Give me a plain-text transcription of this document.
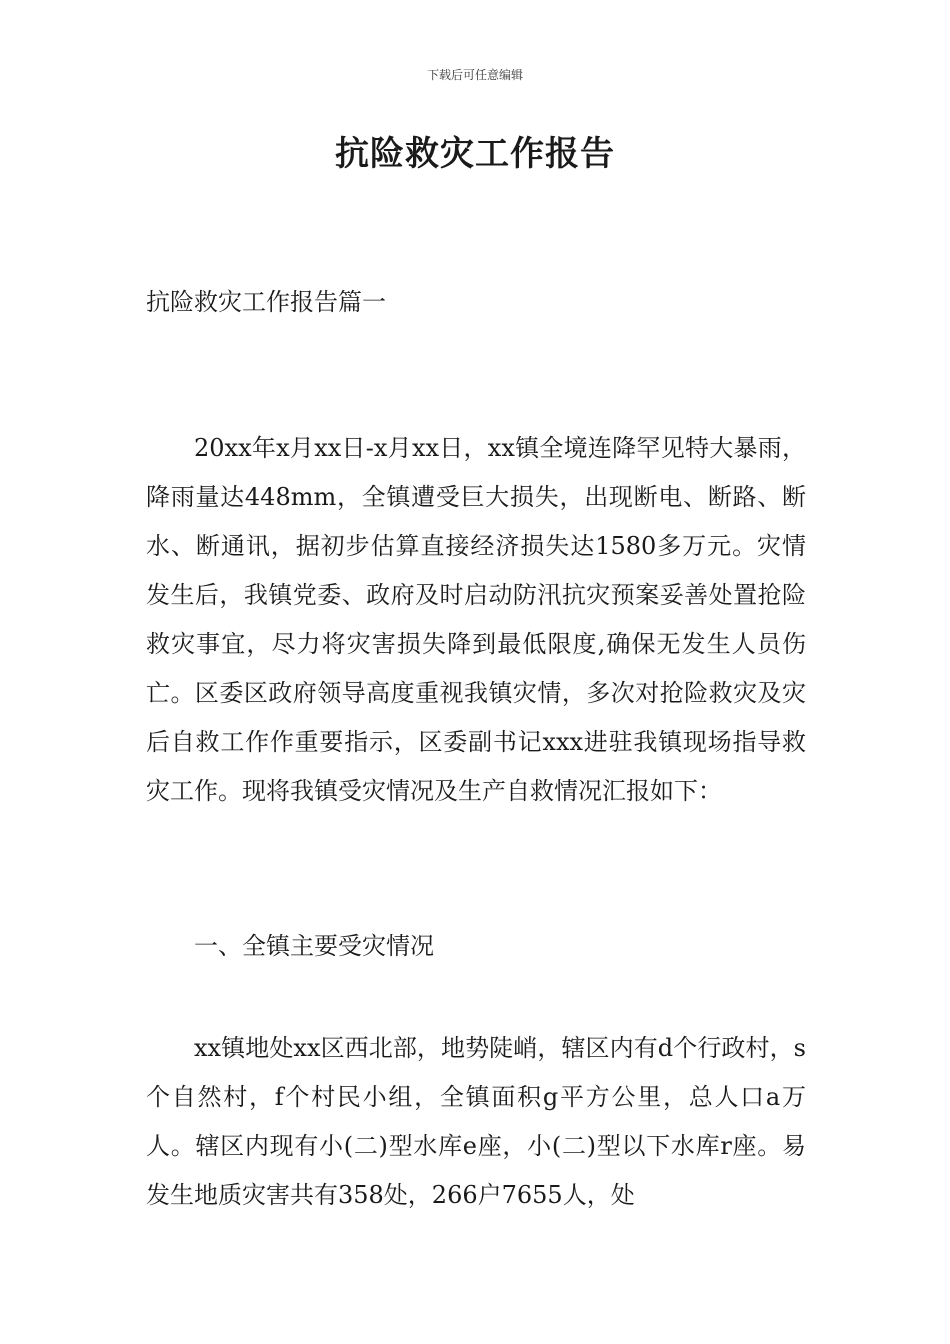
下载后可任意编辑
抗险救灾工作报告

抗险救灾工作报告篇一

20xx年x月xx日-x月xx日，xx镇全境连降罕见特大暴雨，降雨量达448mm，全镇遭受巨大损失，出现断电、断路、断水、断通讯，据初步估算直接经济损失达1580多万元。灾情发生后，我镇党委、政府及时启动防汛抗灾预案妥善处置抢险救灾事宜，尽力将灾害损失降到最低限度,确保无发生人员伤亡。区委区政府领导高度重视我镇灾情，多次对抢险救灾及灾后自救工作作重要指示，区委副书记xxx进驻我镇现场指导救灾工作。现将我镇受灾情况及生产自救情况汇报如下：

一、全镇主要受灾情况

xx镇地处xx区西北部，地势陡峭，辖区内有d个行政村，s个自然村，f个村民小组，全镇面积g平方公里，总人口a万人。辖区内现有小(二)型水库e座，小(二)型以下水库r座。易发生地质灾害共有358处，266户7655人，处
